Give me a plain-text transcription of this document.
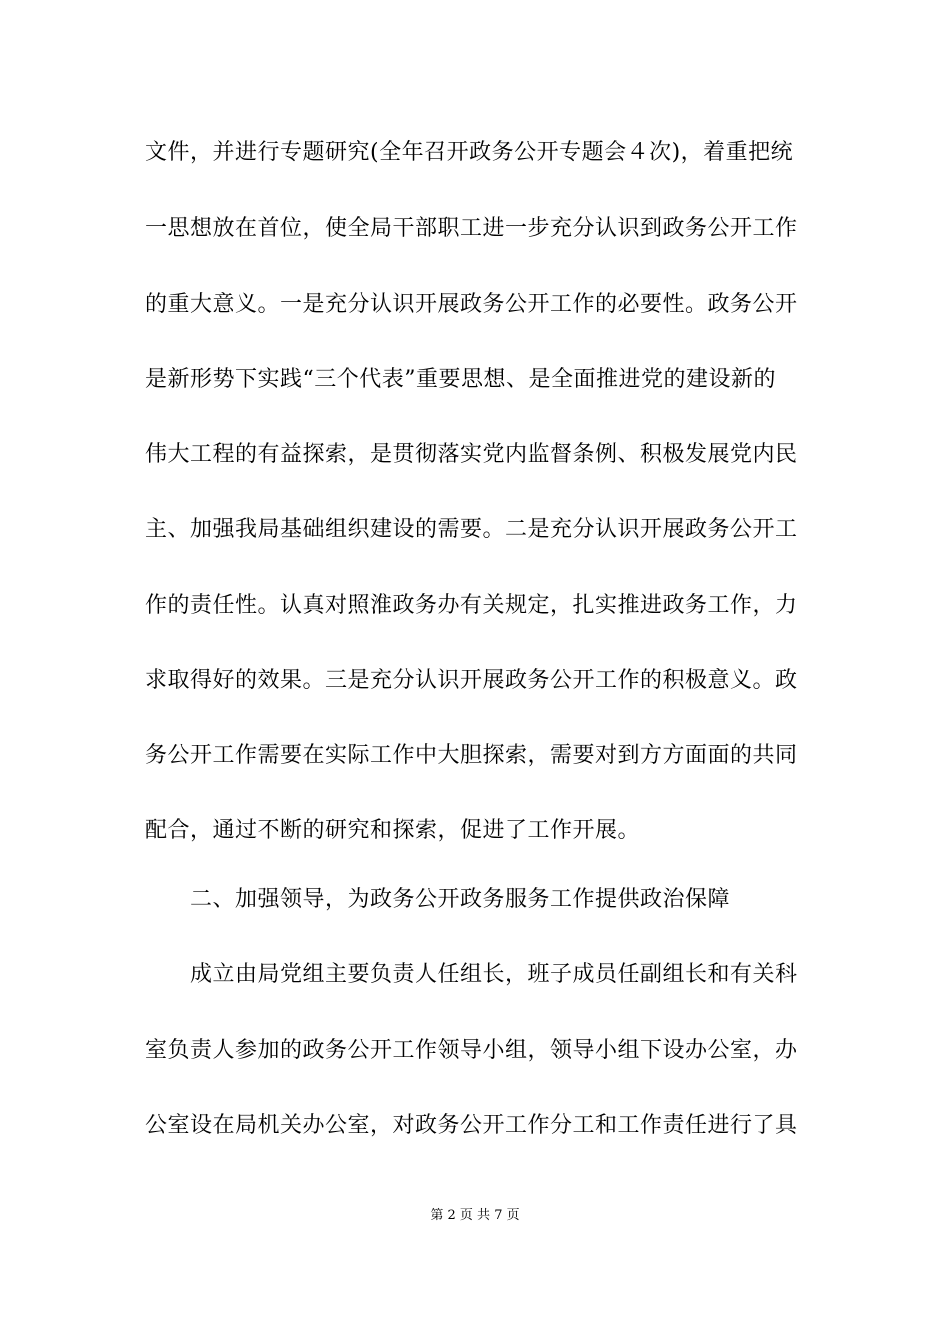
文件，并进行专题研究(全年召开政务公开专题会４次)，着重把统
一思想放在首位，使全局干部职工进一步充分认识到政务公开工作
的重大意义。一是充分认识开展政务公开工作的必要性。政务公开
是新形势下实践“三个代表”重要思想、是全面推进党的建设新的
伟大工程的有益探索，是贯彻落实党内监督条例、积极发展党内民
主、加强我局基础组织建设的需要。二是充分认识开展政务公开工
作的责任性。认真对照淮政务办有关规定，扎实推进政务工作，力
求取得好的效果。三是充分认识开展政务公开工作的积极意义。政
务公开工作需要在实际工作中大胆探索，需要对到方方面面的共同
配合，通过不断的研究和探索，促进了工作开展。
二、加强领导，为政务公开政务服务工作提供政治保障
成立由局党组主要负责人任组长，班子成员任副组长和有关科
室负责人参加的政务公开工作领导小组，领导小组下设办公室，办
公室设在局机关办公室，对政务公开工作分工和工作责任进行了具
第 2 页 共 7 页
